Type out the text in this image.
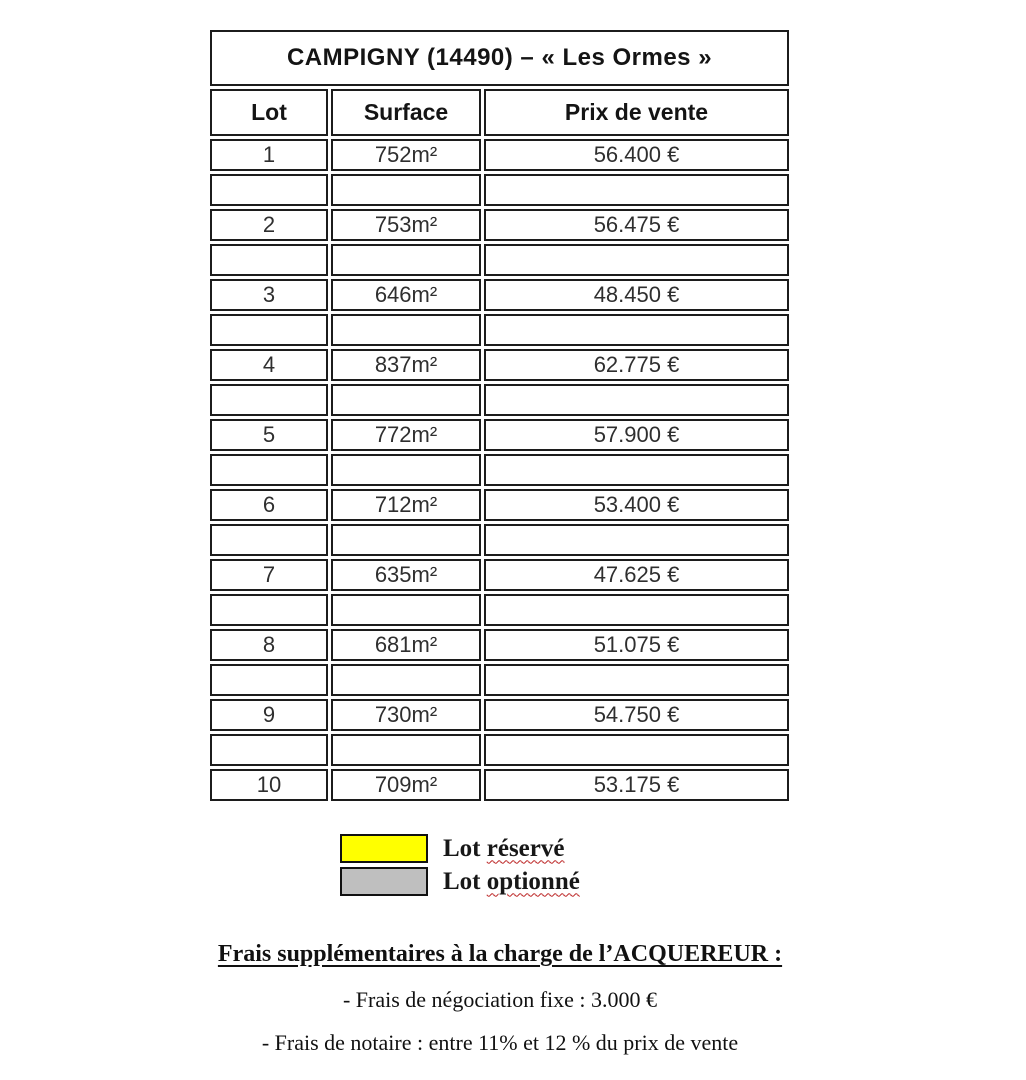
CAMPIGNY (14490) – « Les Ormes »		
Lot	Surface	Prix de vente
1	752m²	56.400 €

2	753m²	56.475 €

3	646m²	48.450 €

4	837m²	62.775 €

5	772m²	57.900 €

6	712m²	53.400 €

7	635m²	47.625 €

8	681m²	51.075 €

9	730m²	54.750 €

10	709m²	53.175 €
Lot réservé
Lot optionné
Frais supplémentaires à la charge de l’ACQUEREUR :
- Frais de négociation fixe : 3.000 €
- Frais de notaire : entre 11% et 12 % du prix de vente
